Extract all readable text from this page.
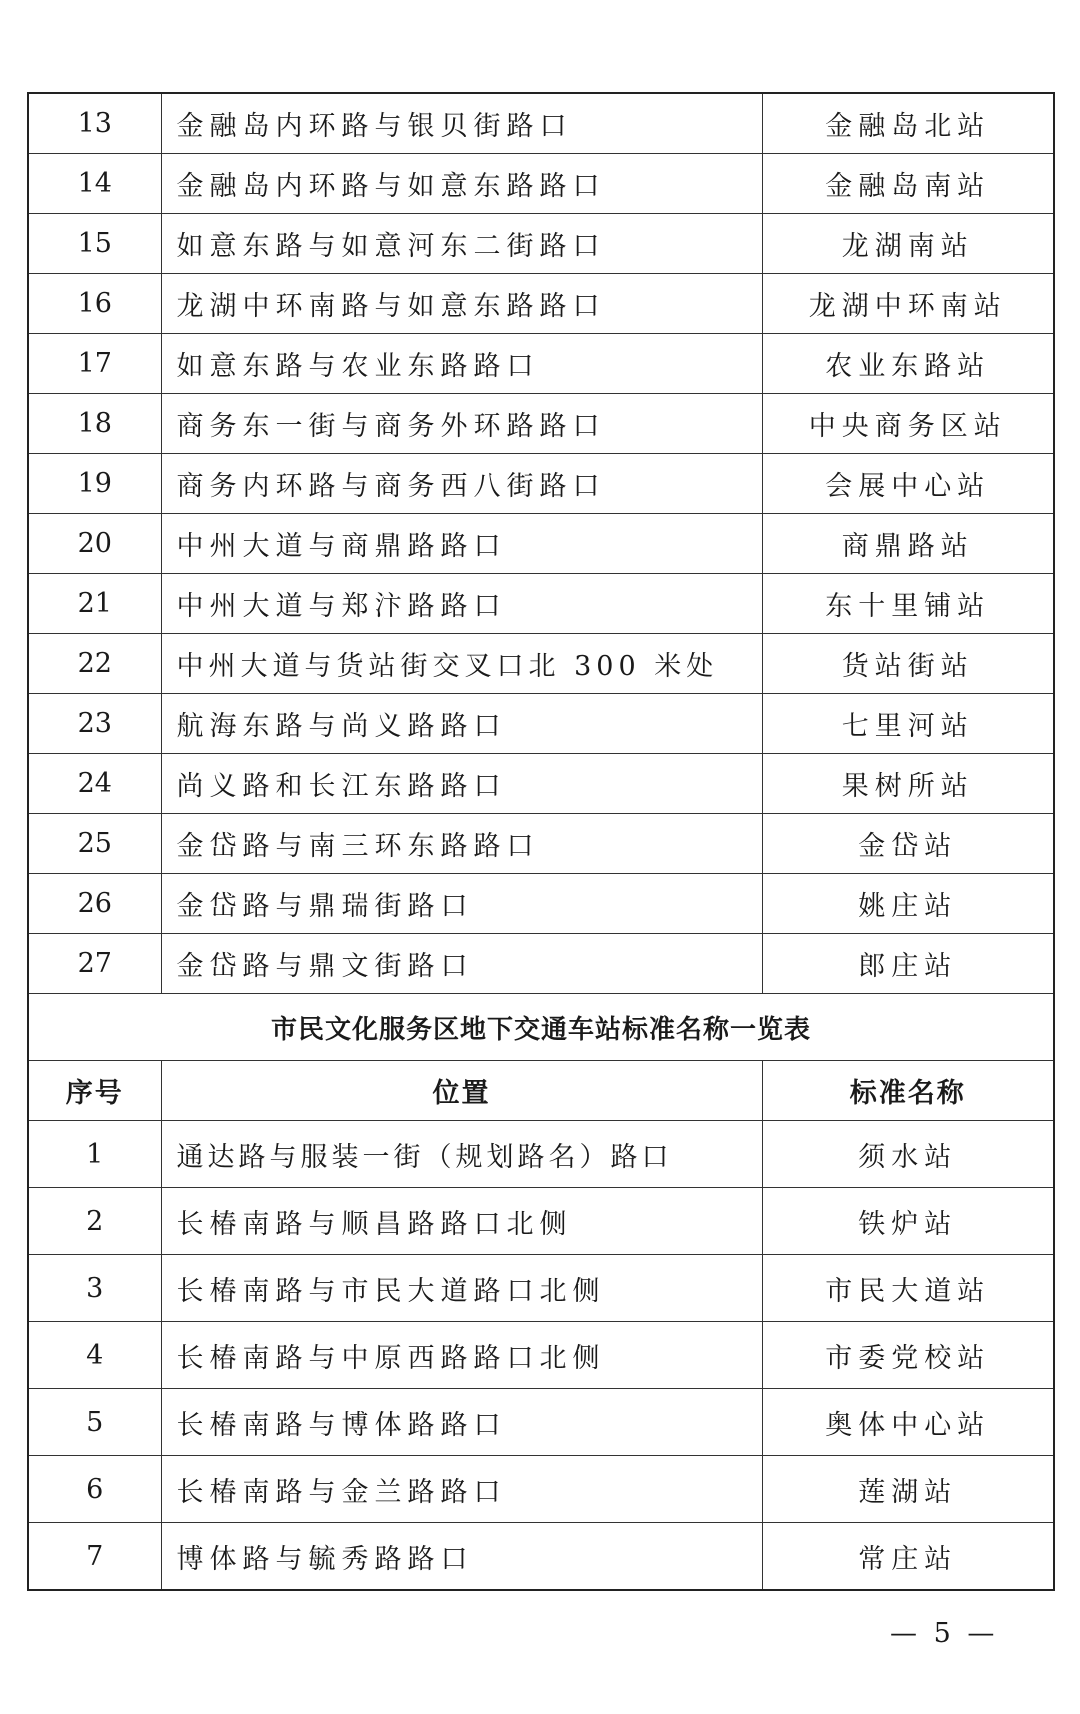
13	金融岛内环路与银贝街路口	金融岛北站
14	金融岛内环路与如意东路路口	金融岛南站
15	如意东路与如意河东二街路口	龙湖南站
16	龙湖中环南路与如意东路路口	龙湖中环南站
17	如意东路与农业东路路口	农业东路站
18	商务东一街与商务外环路路口	中央商务区站
19	商务内环路与商务西八街路口	会展中心站
20	中州大道与商鼎路路口	商鼎路站
21	中州大道与郑汴路路口	东十里铺站
22	中州大道与货站街交叉口北 300 米处	货站街站
23	航海东路与尚义路路口	七里河站
24	尚义路和长江东路路口	果树所站
25	金岱路与南三环东路路口	金岱站
26	金岱路与鼎瑞街路口	姚庄站
27	金岱路与鼎文街路口	郎庄站
市民文化服务区地下交通车站标准名称一览表		
序号	位置	标准名称
1	通达路与服装一街（规划路名）路口	须水站
2	长椿南路与顺昌路路口北侧	铁炉站
3	长椿南路与市民大道路口北侧	市民大道站
4	长椿南路与中原西路路口北侧	市委党校站
5	长椿南路与博体路路口	奥体中心站
6	长椿南路与金兰路路口	莲湖站
7	博体路与毓秀路路口	常庄站
— 5 —
